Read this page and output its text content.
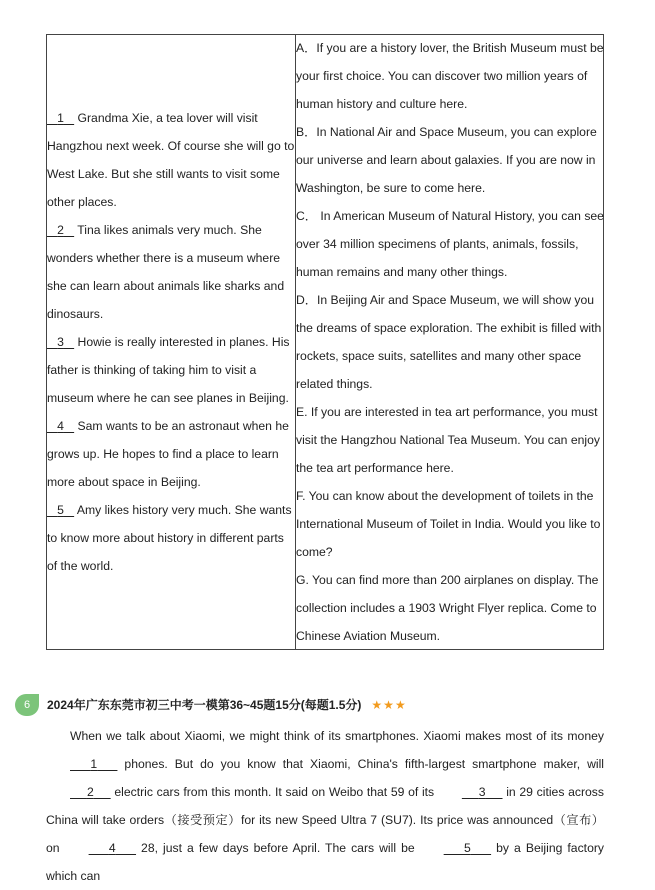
1    Grandma Xie, a tea lover will visit Hangzhou next week. Of course she will go to West Lake. But she still wants to visit some other places.
2    Tina likes animals very much. She wonders whether there is a museum where she can learn about animals like sharks and dinosaurs.
3    Howie is really interested in planes. His father is thinking of taking him to visit a museum where he can see planes in Beijing.
4    Sam wants to be an astronaut when he grows up. He hopes to find a place to learn more about space in Beijing.
5    Amy likes history very much. She wants to know more about history in different parts of the world.
A．If you are a history lover, the British Museum must be your first choice. You can discover two million years of human history and culture here.
B．In National Air and Space Museum, you can explore our universe and learn about galaxies. If you are now in Washington, be sure to come here.
C． In American Museum of Natural History, you can see over 34 million specimens of plants, animals, fossils, human remains and many other things.
D．In Beijing Air and Space Museum, we will show you the dreams of space exploration. The exhibit is filled with rockets, space suits, satellites and many other space related things.
E. If you are interested in tea art performance, you must visit the Hangzhou National Tea Museum. You can enjoy the tea art performance here.
F. You can know about the development of toilets in the International Museum of Toilet in India. Would you like to come?
G. You can find more than 200 airplanes on display. The collection includes a 1903 Wright Flyer replica. Come to Chinese Aviation Museum.
6	2024年广东东莞市初三中考一模第36~45题15分(每题1.5分) ★★★

When we talk about Xiaomi, we might think of its smartphones. Xiaomi makes most of its money       1       phones. But do you know that Xiaomi, China's fifth-largest smartphone maker, will      2      electric cars from this month. It said on Weibo that 59 of its	3      in 29 cities across China will take orders（接受预定）for its new Speed Ultra 7 (SU7). Its price was announced（宣布）on	4       28, just a few days before April. The cars will be	5       by a Beijing factory which can
